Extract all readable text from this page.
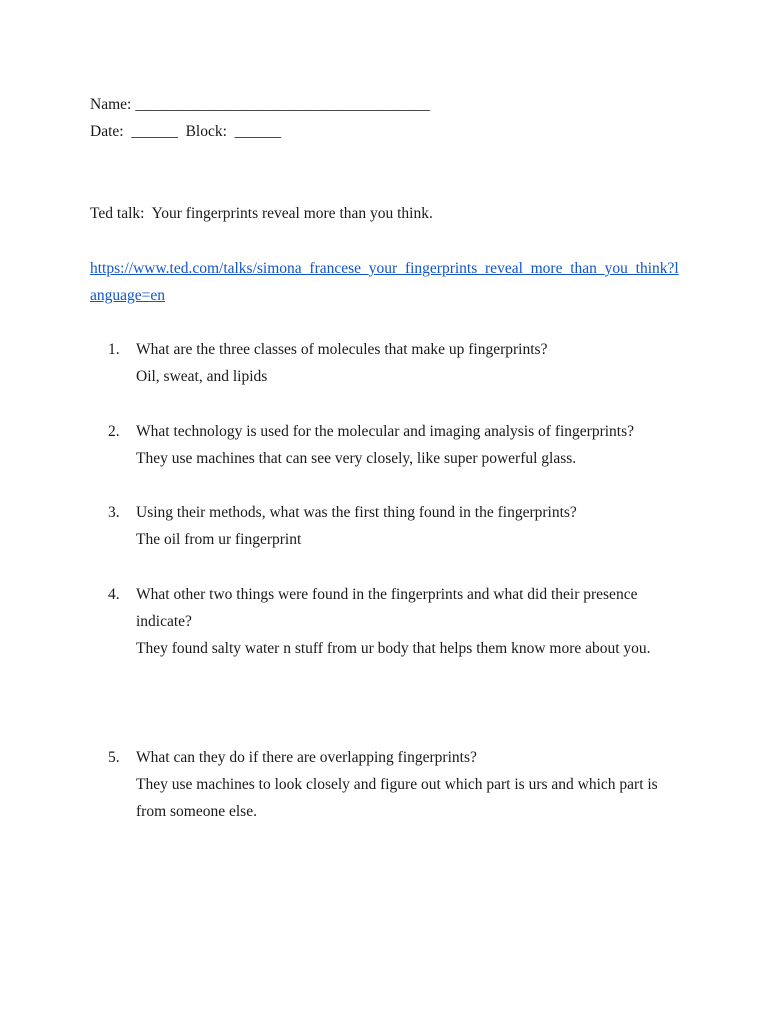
Name: ______________________________________
Date:  ______  Block:  ______
Ted talk:  Your fingerprints reveal more than you think.
https://www.ted.com/talks/simona_francese_your_fingerprints_reveal_more_than_you_think?language=en
1.	What are the three classes of molecules that make up fingerprints?
Oil, sweat, and lipids
2.	What technology is used for the molecular and imaging analysis of fingerprints?
They use machines that can see very closely, like super powerful glass.
3.	Using their methods, what was the first thing found in the fingerprints?
The oil from ur fingerprint
4.	What other two things were found in the fingerprints and what did their presence indicate?
They found salty water n stuff from ur body that helps them know more about you.
5.	What can they do if there are overlapping fingerprints?
They use machines to look closely and figure out which part is urs and which part is from someone else.
